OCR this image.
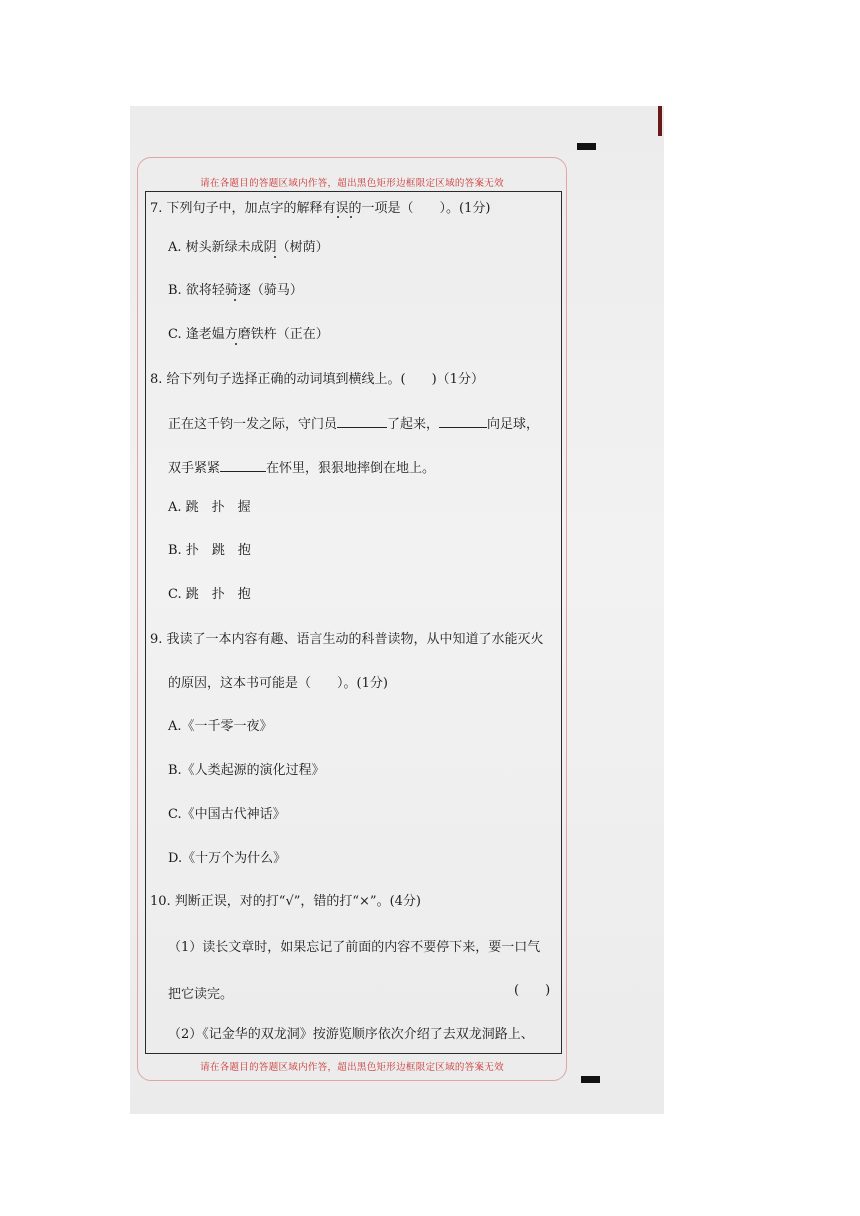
请在各题目的答题区域内作答，超出黑色矩形边框限定区域的答案无效
请在各题目的答题区域内作答，超出黑色矩形边框限定区域的答案无效
7. 下列句子中，加点字的解释有误的一项是（　　）。(1分)
A. 树头新绿未成阴（树荫）
B. 欲将轻骑逐（骑马）
C. 逢老媪方磨铁杵（正在）
8. 给下列句子选择正确的动词填到横线上。(　　)（1分）
正在这千钧一发之际，守门员	了起来，	向足球，
双手紧紧	在怀里，狠狠地摔倒在地上。
A. 跳　扑　握
B. 扑　跳　抱
C. 跳　扑　抱
9. 我读了一本内容有趣、语言生动的科普读物，从中知道了水能灭火
的原因，这本书可能是（　　）。(1分)
A.《一千零一夜》
B.《人类起源的演化过程》
C.《中国古代神话》
D.《十万个为什么》
10. 判断正误，对的打“√”，错的打“×”。(4分)
（1）读长文章时，如果忘记了前面的内容不要停下来，要一口气
把它读完。	(　　)
（2）《记金华的双龙洞》按游览顺序依次介绍了去双龙洞路上、
